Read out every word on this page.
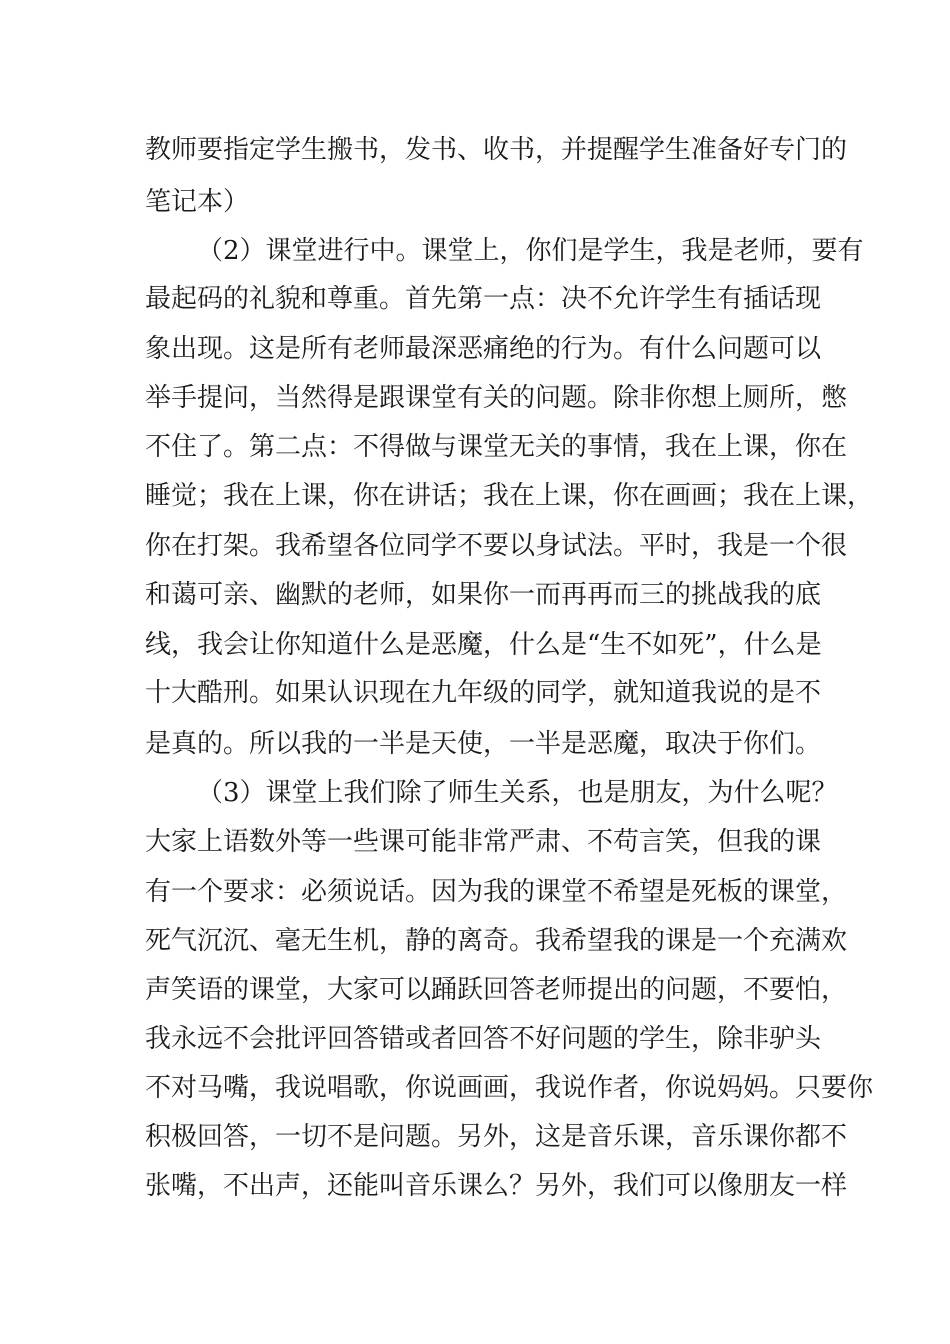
教师要指定学生搬书，发书、收书，并提醒学生准备好专门的
笔记本）
（2）课堂进行中。课堂上，你们是学生，我是老师，要有
最起码的礼貌和尊重。首先第一点：决不允许学生有插话现
象出现。这是所有老师最深恶痛绝的行为。有什么问题可以
举手提问，当然得是跟课堂有关的问题。除非你想上厕所，憋
不住了。第二点：不得做与课堂无关的事情，我在上课，你在
睡觉；我在上课，你在讲话；我在上课，你在画画；我在上课，
你在打架。我希望各位同学不要以身试法。平时，我是一个很
和蔼可亲、幽默的老师，如果你一而再再而三的挑战我的底
线，我会让你知道什么是恶魔，什么是“生不如死”，什么是
十大酷刑。如果认识现在九年级的同学，就知道我说的是不
是真的。所以我的一半是天使，一半是恶魔，取决于你们。
（3）课堂上我们除了师生关系，也是朋友，为什么呢？
大家上语数外等一些课可能非常严肃、不苟言笑，但我的课
有一个要求：必须说话。因为我的课堂不希望是死板的课堂，
死气沉沉、毫无生机，静的离奇。我希望我的课是一个充满欢
声笑语的课堂，大家可以踊跃回答老师提出的问题，不要怕，
我永远不会批评回答错或者回答不好问题的学生，除非驴头
不对马嘴，我说唱歌，你说画画，我说作者，你说妈妈。只要你
积极回答，一切不是问题。另外，这是音乐课，音乐课你都不
张嘴，不出声，还能叫音乐课么？另外，我们可以像朋友一样
